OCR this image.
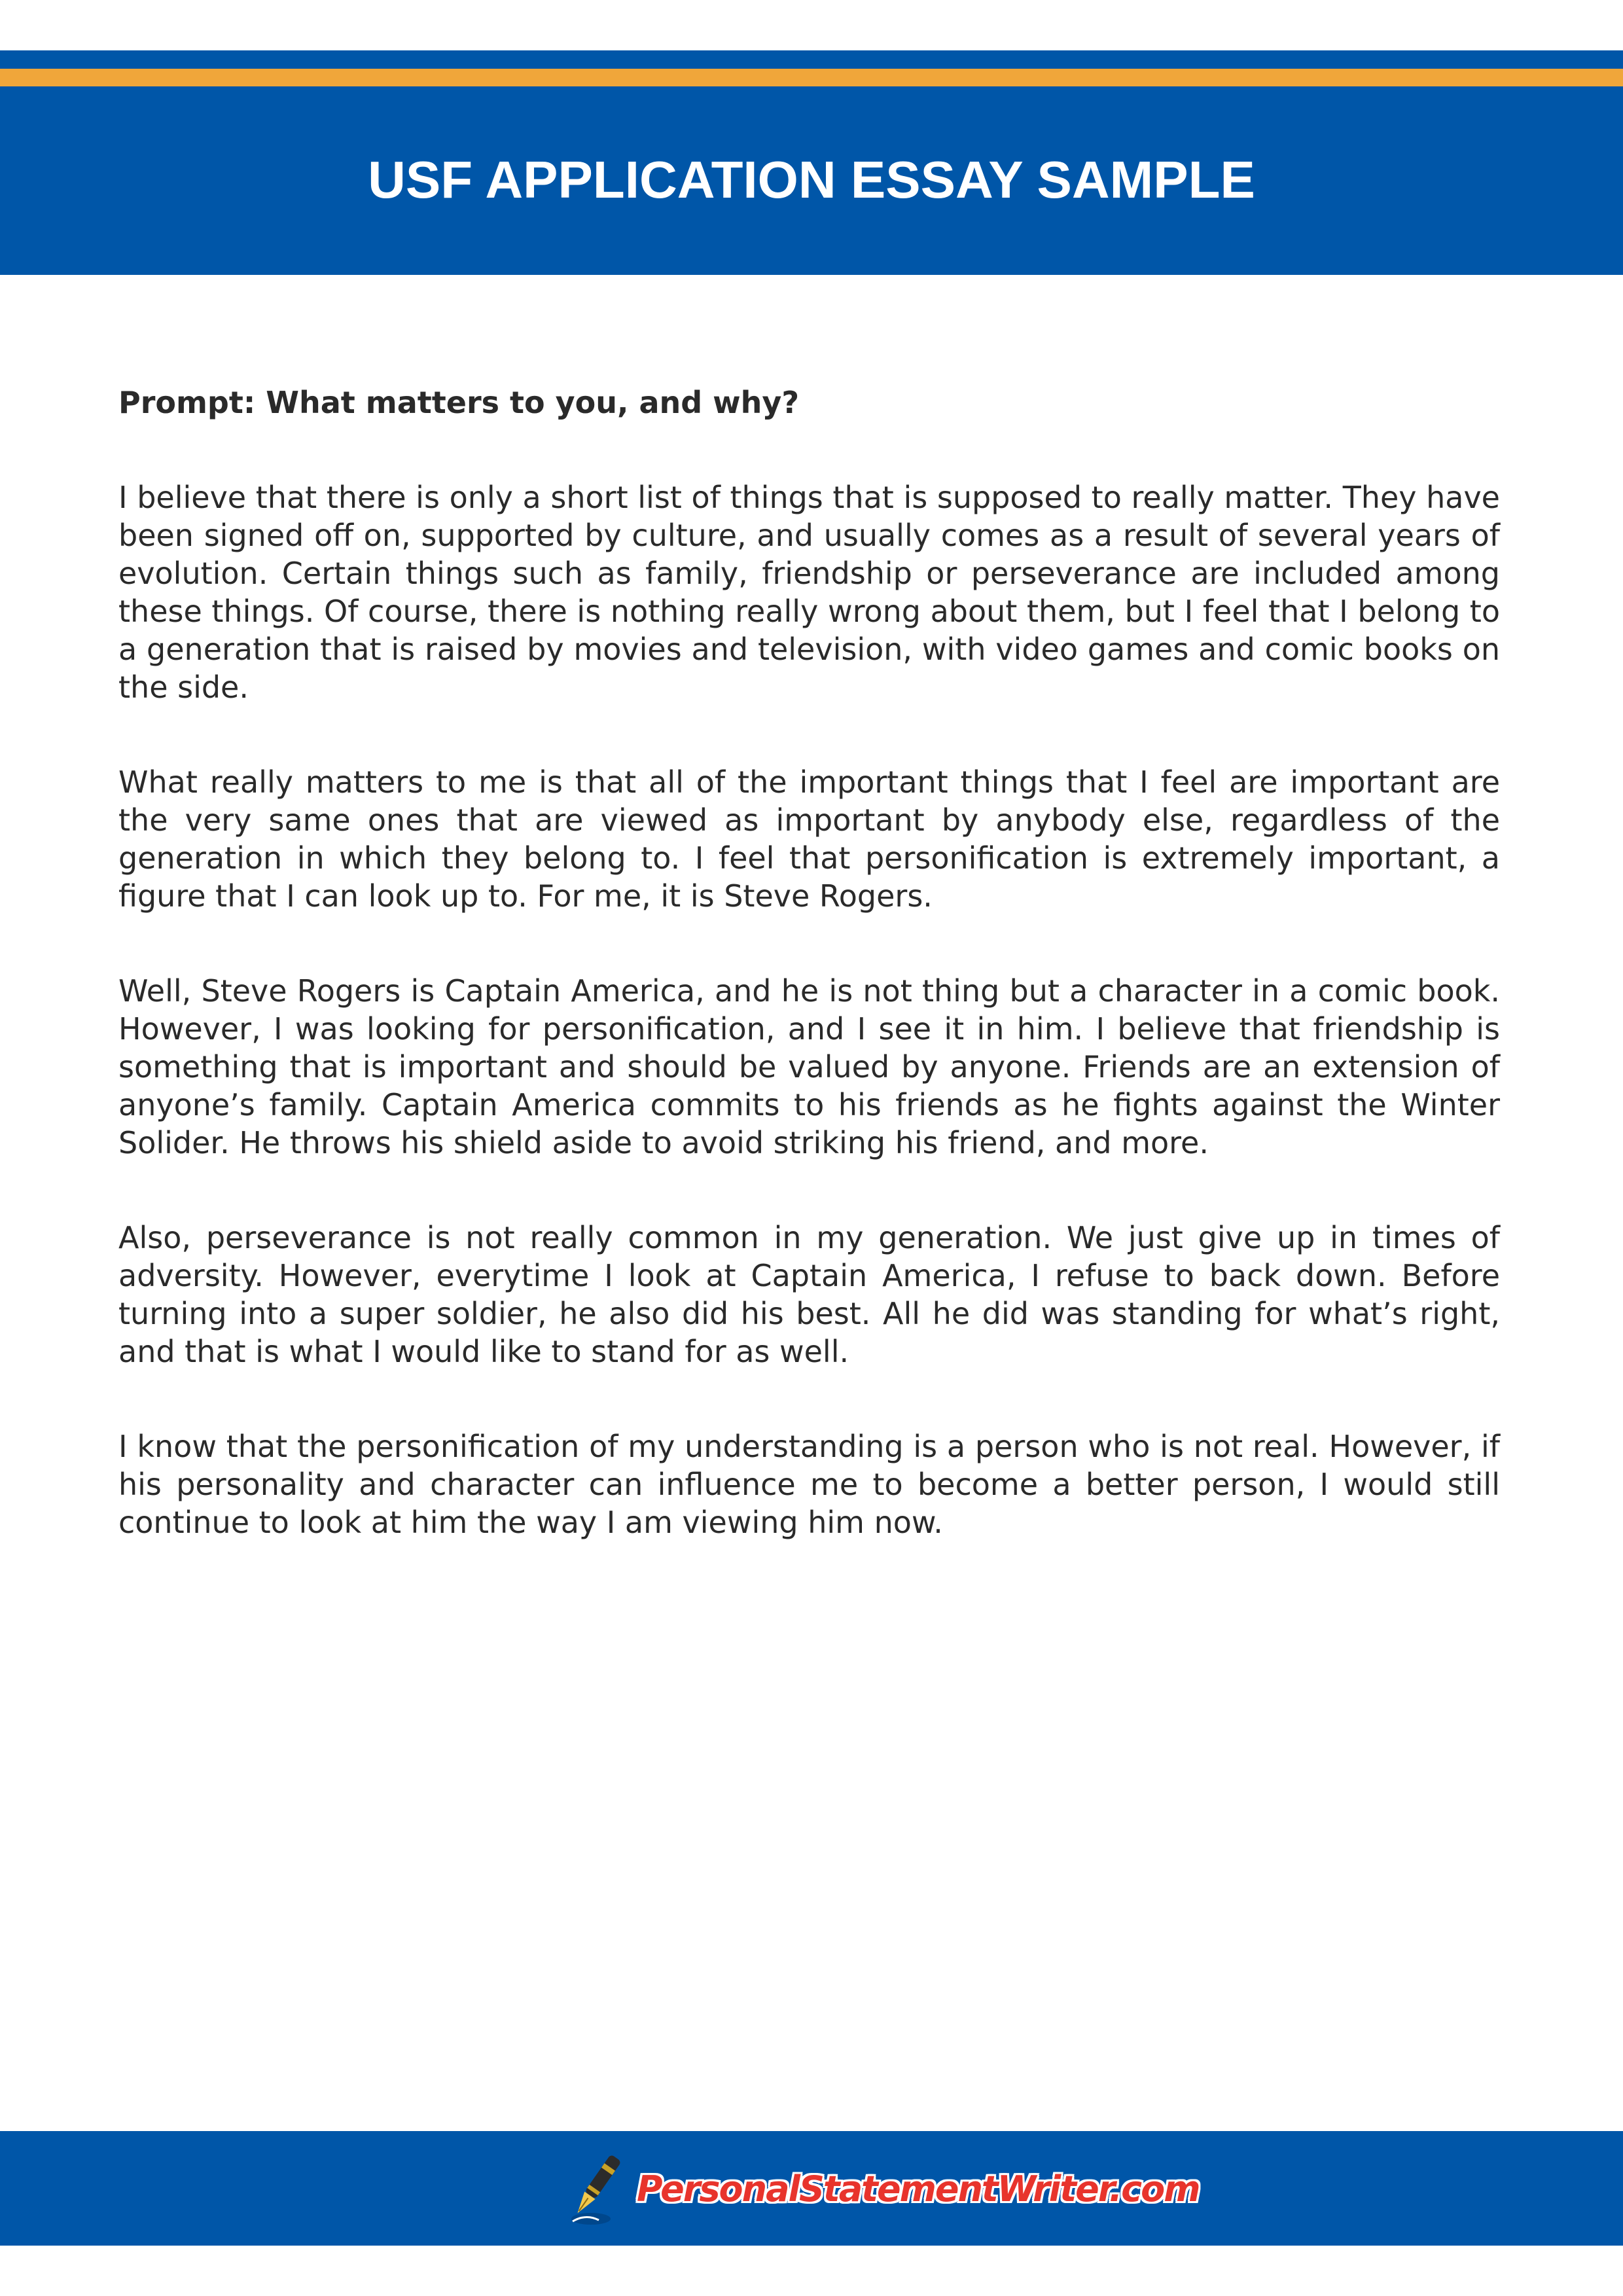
USF APPLICATION ESSAY SAMPLE

Prompt: What matters to you, and why?

I believe that there is only a short list of things that is supposed to really matter. They have been signed off on, supported by culture, and usually comes as a result of several years of evolution. Certain things such as family, friendship or perseverance are included among these things. Of course, there is nothing really wrong about them, but I feel that I belong to a generation that is raised by movies and television, with video games and comic books on the side.

What really matters to me is that all of the important things that I feel are important are the very same ones that are viewed as important by anybody else, regardless of the generation in which they belong to. I feel that personification is extremely important, a figure that I can look up to. For me, it is Steve Rogers.

Well, Steve Rogers is Captain America, and he is not thing but a character in a comic book. However, I was looking for personification, and I see it in him. I believe that friendship is something that is important and should be valued by anyone. Friends are an extension of anyone’s family. Captain America commits to his friends as he fights against the Winter Solider. He throws his shield aside to avoid striking his friend, and more.

Also, perseverance is not really common in my generation. We just give up in times of adversity. However, everytime I look at Captain America, I refuse to back down. Before turning into a super soldier, he also did his best. All he did was standing for what’s right, and that is what I would like to stand for as well.

I know that the personification of my understanding is a person who is not real. However, if his personality and character can influence me to become a better person, I would still continue to look at him the way I am viewing him now.

PersonalStatementWriter.com
